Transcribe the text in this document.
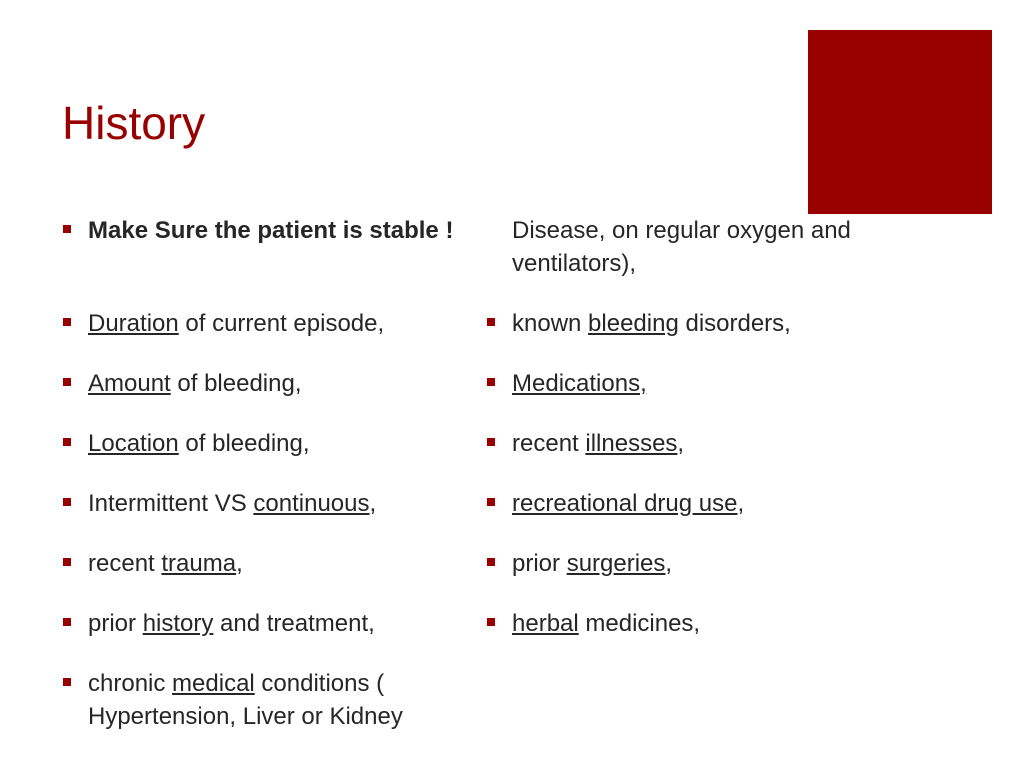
History
Make Sure the patient is stable !
Duration of current episode,
Amount of bleeding,
Location of bleeding,
Intermittent VS continuous,
recent trauma,
prior history and treatment,
chronic medical conditions ( Hypertension, Liver or Kidney
Disease, on regular oxygen and ventilators),
known bleeding disorders,
Medications,
recent illnesses,
recreational drug use,
prior surgeries,
herbal medicines,
